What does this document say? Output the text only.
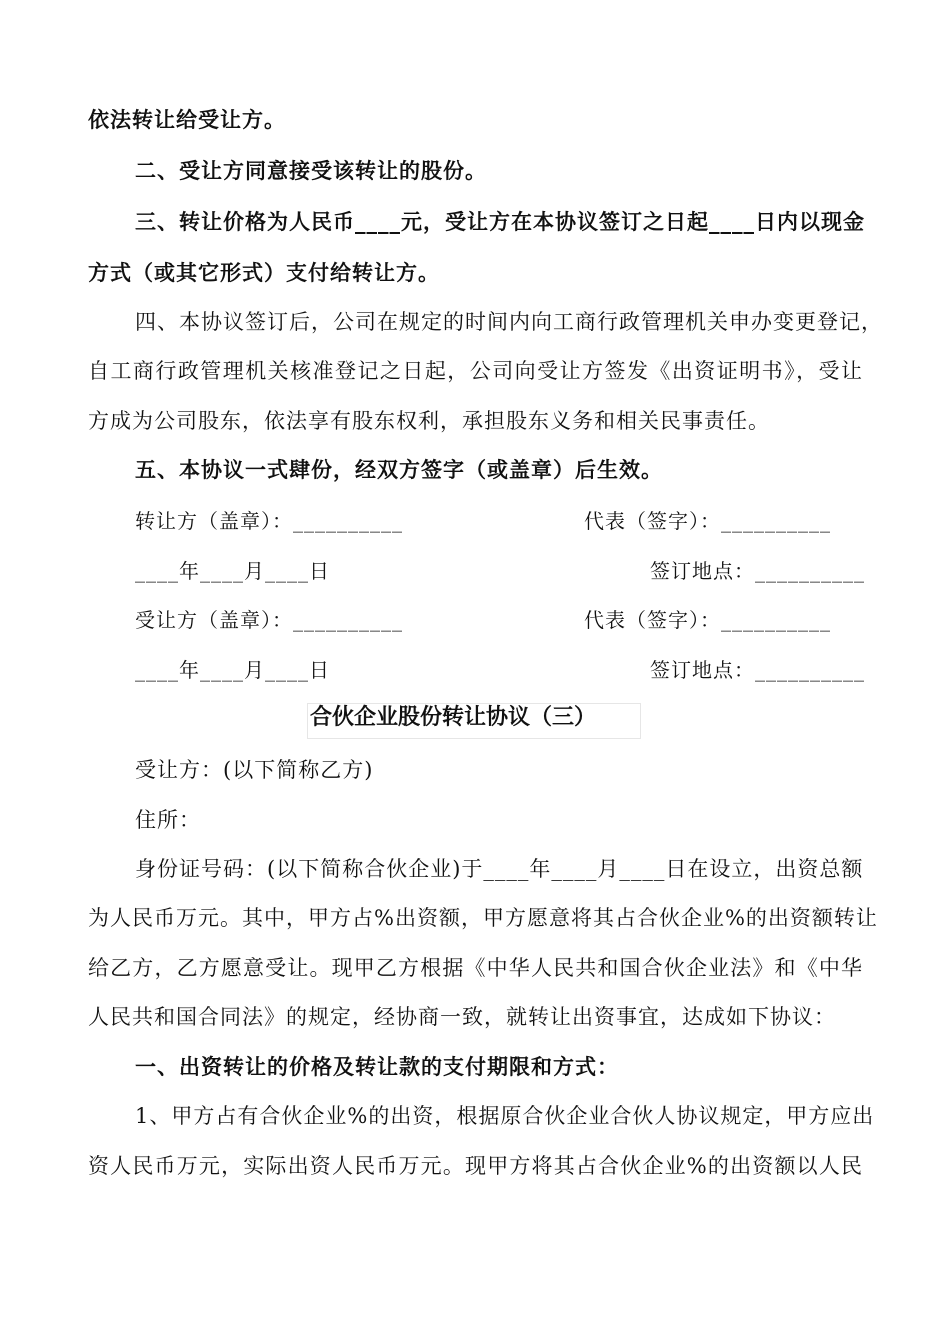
依法转让给受让方。
二、受让方同意接受该转让的股份。
三、转让价格为人民币____元，受让方在本协议签订之日起____日内以现金
方式（或其它形式）支付给转让方。
四、本协议签订后，公司在规定的时间内向工商行政管理机关申办变更登记，
自工商行政管理机关核准登记之日起，公司向受让方签发《出资证明书》，受让
方成为公司股东，依法享有股东权利，承担股东义务和相关民事责任。
五、本协议一式肆份，经双方签字（或盖章）后生效。
转让方（盖章）：__________	代表（签字）：__________
____年____月____日	签订地点：__________
受让方（盖章）：__________	代表（签字）：__________
____年____月____日	签订地点：__________
合伙企业股份转让协议（三）
受让方：(以下简称乙方)
住所：
身份证号码：(以下简称合伙企业)于____年____月____日在设立，出资总额
为人民币万元。其中，甲方占%出资额，甲方愿意将其占合伙企业%的出资额转让
给乙方，乙方愿意受让。现甲乙方根据《中华人民共和国合伙企业法》和《中华
人民共和国合同法》的规定，经协商一致，就转让出资事宜，达成如下协议：
一、出资转让的价格及转让款的支付期限和方式：
1、甲方占有合伙企业%的出资，根据原合伙企业合伙人协议规定，甲方应出
资人民币万元，实际出资人民币万元。现甲方将其占合伙企业%的出资额以人民
